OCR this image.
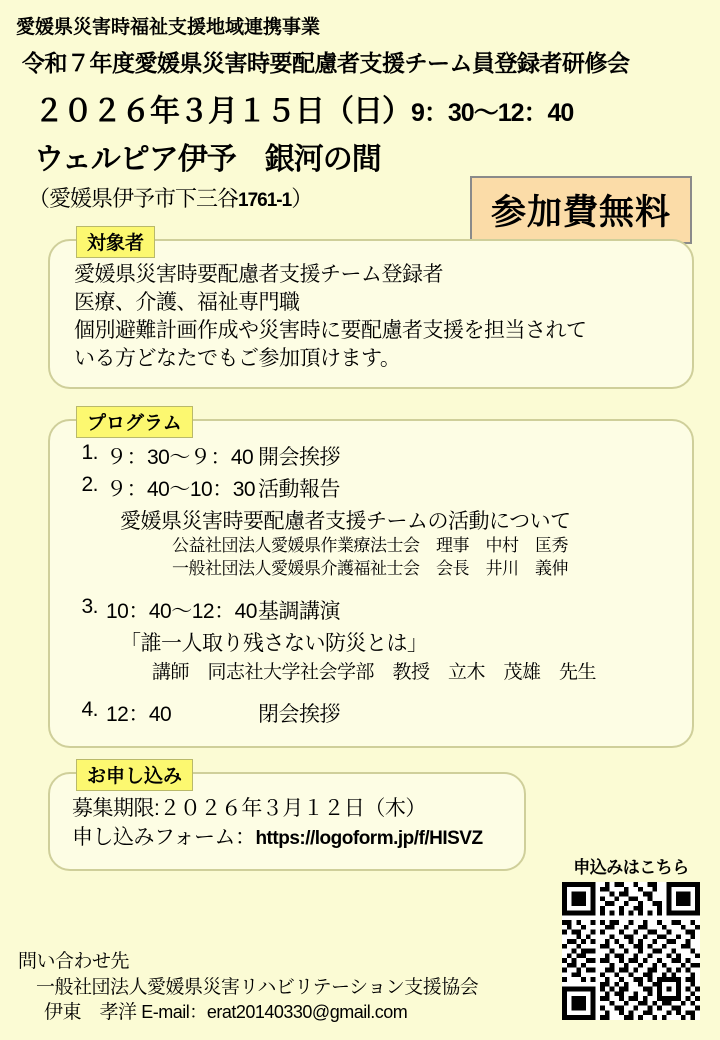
愛媛県災害時福祉支援地域連携事業
令和７年度愛媛県災害時要配慮者支援チーム員登録者研修会
２０２６年３月１５日（日）9：30〜12：40
ウェルピア伊予　銀河の間
（愛媛県伊予市下三谷1761-1）	参加費無料
対象者
愛媛県災害時要配慮者支援チーム登録者
医療、介護、福祉専門職
個別避難計画作成や災害時に要配慮者支援を担当されて
いる方どなたでもご参加頂けます。
プログラム
1. ９：30〜９：40 開会挨拶
2. ９：40〜10：30 活動報告
愛媛県災害時要配慮者支援チームの活動について
公益社団法人愛媛県作業療法士会　理事　中村　匡秀
一般社団法人愛媛県介護福祉士会　会長　井川　義伸
3. 10：40〜12：40基調講演
「誰一人取り残さない防災とは」
講師　同志社大学社会学部　教授　立木　茂雄　先生
4. 12：40	閉会挨拶
お申し込み
募集期限:２０２６年３月１２日（木）
申し込みフォーム：https://logoform.jp/f/HISVZ
申込みはこちら
問い合わせ先
一般社団法人愛媛県災害リハビリテーション支援協会
伊東　孝洋 E-mail：erat20140330@gmail.com
